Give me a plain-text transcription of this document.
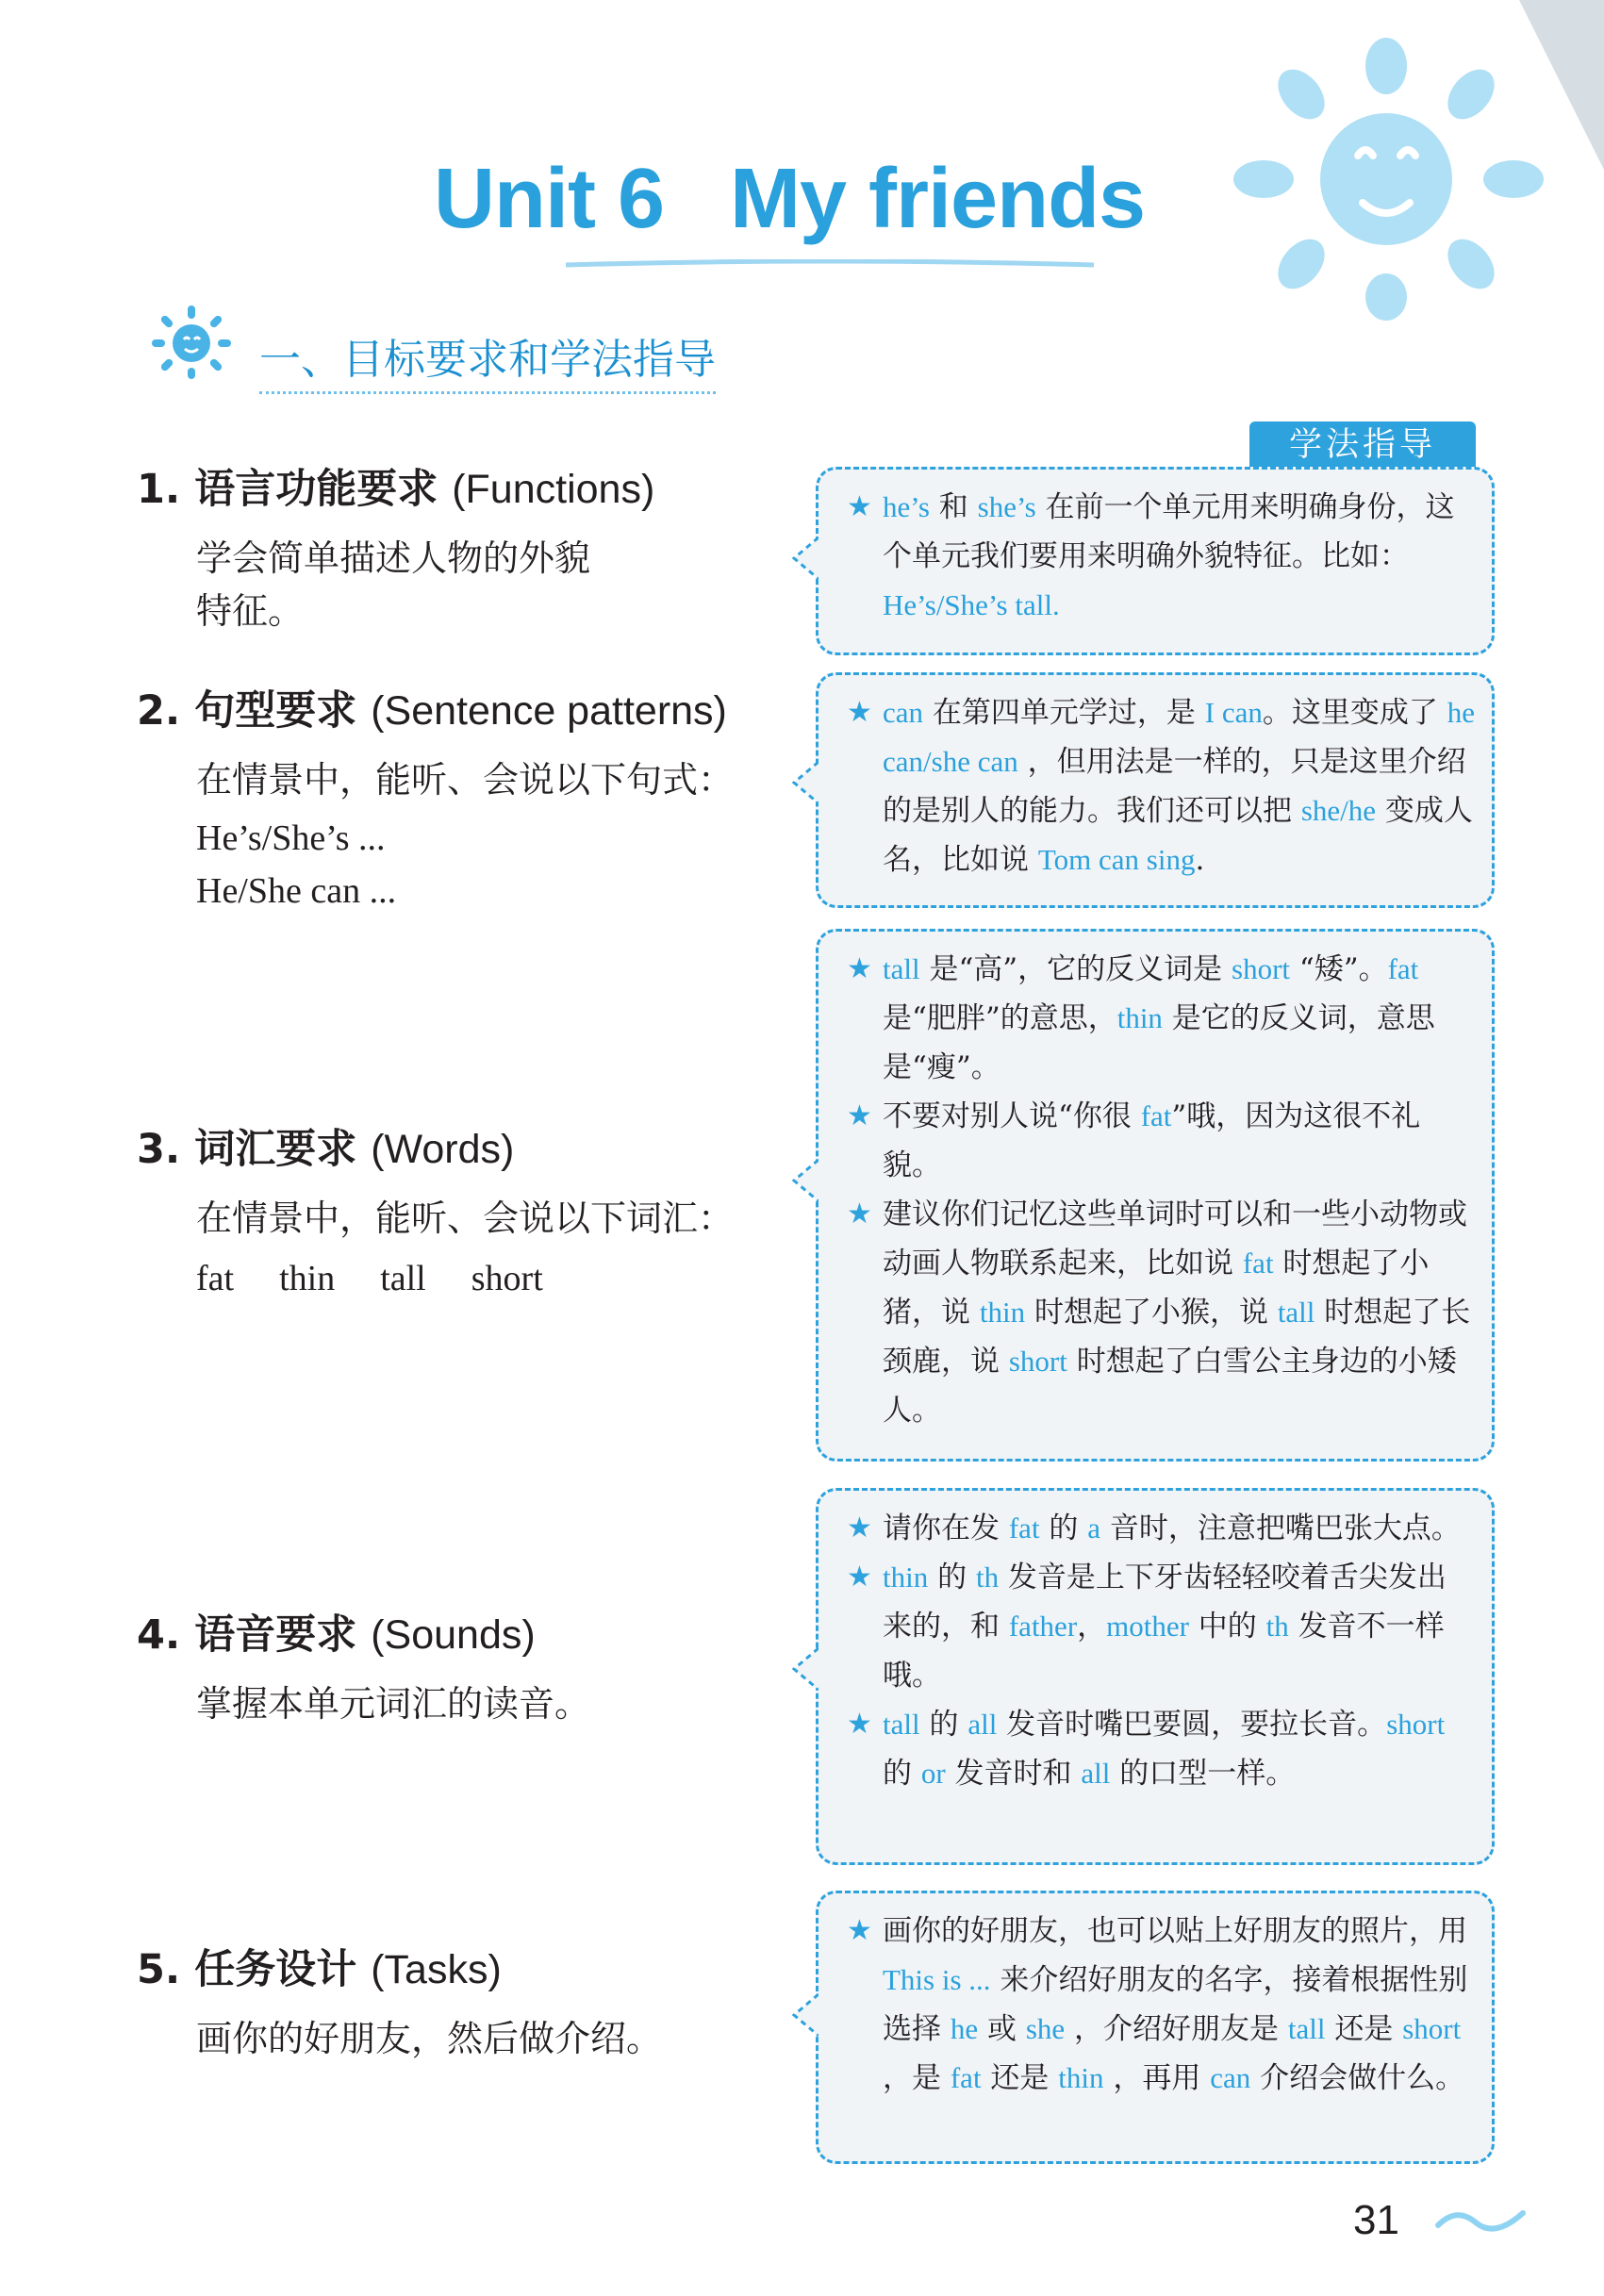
Unit 6 My friends
一、目标要求和学法指导
学法指导
1. 语言功能要求 (Functions)

学会简单描述人物的外貌
特征。

2. 句型要求 (Sentence patterns)

在情景中，能听、会说以下句式：

He’s/She’s ...
He/She can ...
3. 词汇要求 (Words)

在情景中，能听、会说以下词汇：

fat thin tall short
4. 语音要求 (Sounds)

掌握本单元词汇的读音。

5. 任务设计 (Tasks)

画你的好朋友，然后做介绍。

★ he’s 和 she’s 在前一个单元用来明确身份，这个单元我们要用来明确外貌特征。比如：He’s/She’s tall.
★ can 在第四单元学过，是 I can。这里变成了 he can/she can ，但用法是一样的，只是这里介绍的是别人的能力。我们还可以把 she/he 变成人名，比如说 Tom can sing.
★ tall 是“高”，它的反义词是 short “矮”。fat 是“肥胖”的意思，thin 是它的反义词，意思是“瘦”。
★ 不要对别人说“你很 fat”哦，因为这很不礼貌。
★ 建议你们记忆这些单词时可以和一些小动物或动画人物联系起来，比如说 fat 时想起了小猪，说 thin 时想起了小猴，说 tall 时想起了长颈鹿，说 short 时想起了白雪公主身边的小矮人。
★ 请你在发 fat 的 a 音时，注意把嘴巴张大点。
★ thin 的 th 发音是上下牙齿轻轻咬着舌尖发出来的，和 father，mother 中的 th 发音不一样哦。
★ tall 的 all 发音时嘴巴要圆，要拉长音。short 的 or 发音时和 all 的口型一样。
★ 画你的好朋友，也可以贴上好朋友的照片，用 This is ... 来介绍好朋友的名字，接着根据性别选择 he 或 she ，介绍好朋友是 tall 还是 short ，是 fat 还是 thin ，再用 can 介绍会做什么。
31
